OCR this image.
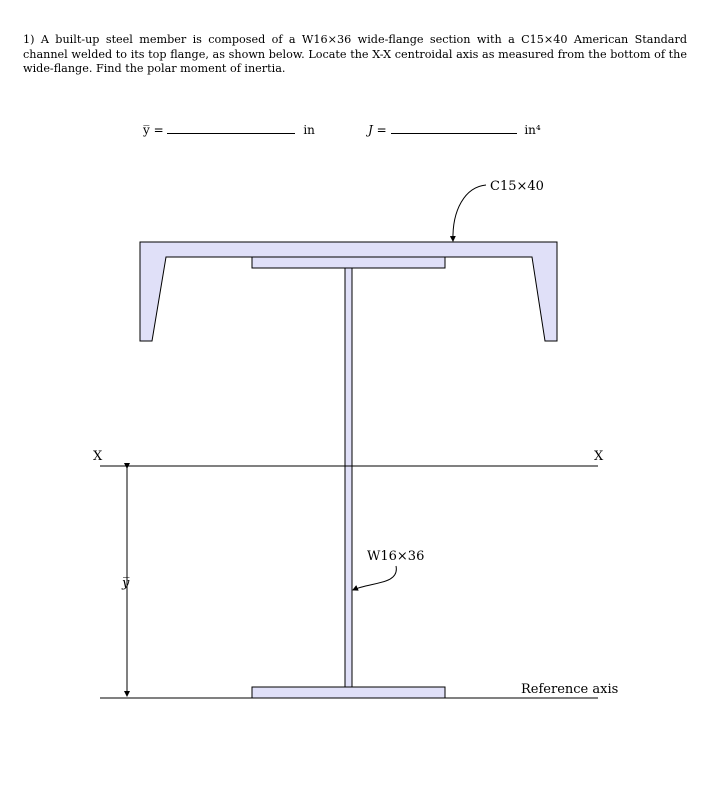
1) A built-up steel member is composed of a W16×36 wide-flange section with a C15×40 American Standard channel welded to its top flange, as shown below. Locate the X-X centroidal axis as measured from the bottom of the wide-flange. Find the polar moment of inertia.
y̅ =	in	J =	in⁴
X	X
Reference axis
y̅
C15×40
W16×36
